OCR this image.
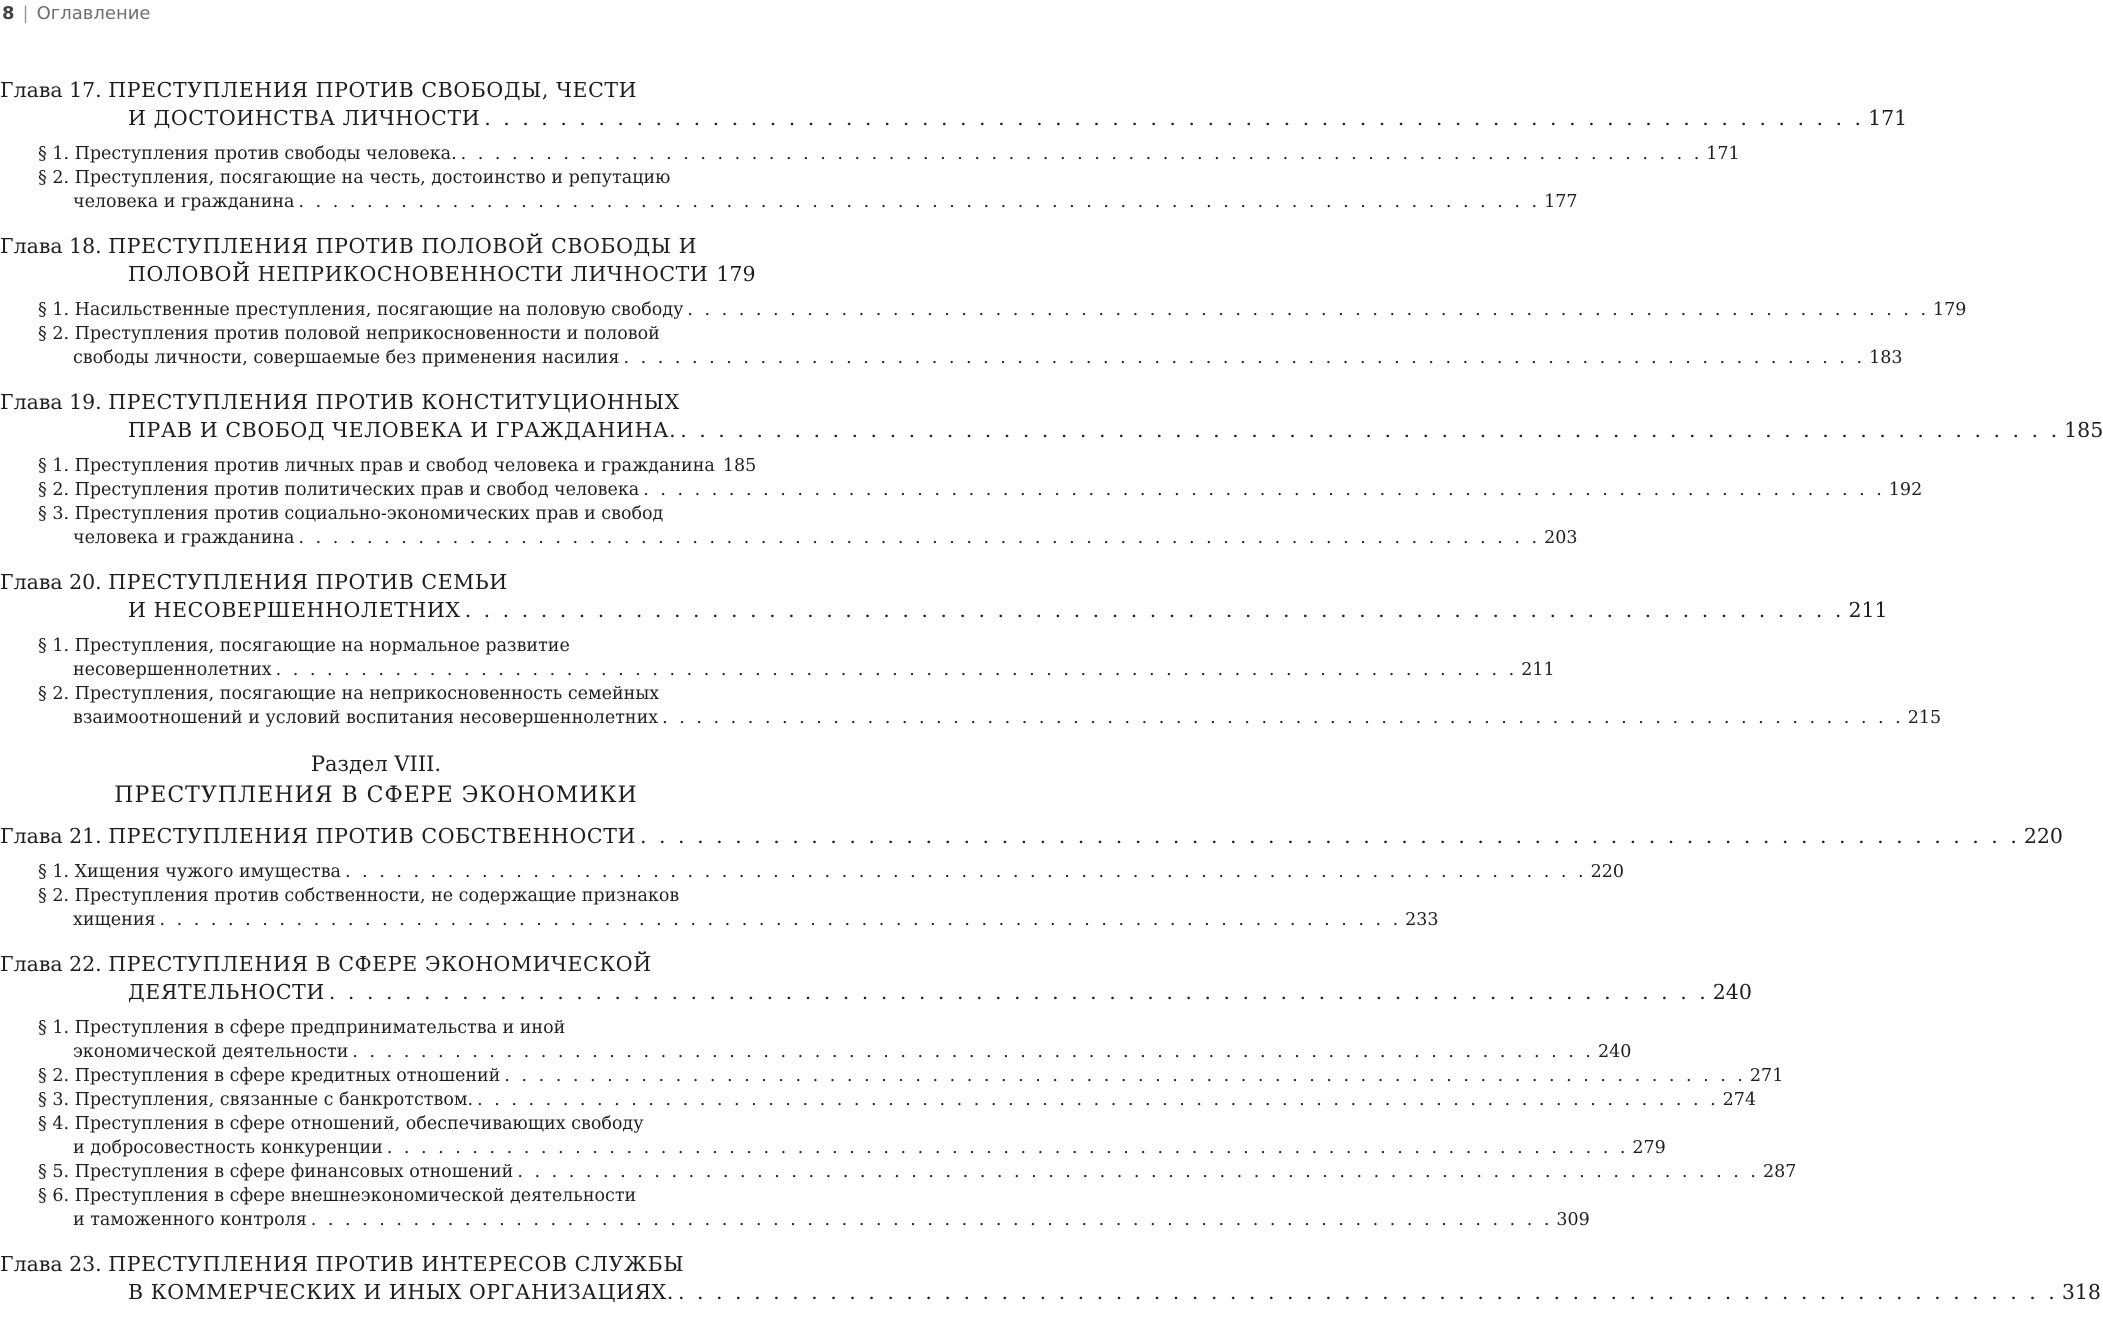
8 | Оглавление
Глава 17. ПРЕСТУПЛЕНИЯ ПРОТИВ СВОБОДЫ, ЧЕСТИ
И ДОСТОИНСТВА ЛИЧНОСТИ . . . . . . . . . . . . . . . . . . . . . . . . . . . . . . . . . . . . . . . . . . . . . . . . . . . . . . . . . . . . . . . . . . . . . . . . . 171
§ 1. Преступления против свободы человека. . . . . . . . . . . . . . . . . . . . . . . . . . . . . . . . . . . . . . . . . . . . . . . . . . . . . . . . . . . . . . . . . . . . . . . . . . 171
§ 2. Преступления, посягающие на честь, достоинство и репутацию
человека и гражданина . . . . . . . . . . . . . . . . . . . . . . . . . . . . . . . . . . . . . . . . . . . . . . . . . . . . . . . . . . . . . . . . . . . . . . . . . 177
Глава 18. ПРЕСТУПЛЕНИЯ ПРОТИВ ПОЛОВОЙ СВОБОДЫ И
ПОЛОВОЙ НЕПРИКОСНОВЕННОСТИ ЛИЧНОСТИ 179
§ 1. Насильственные преступления, посягающие на половую свободу . . . . . . . . . . . . . . . . . . . . . . . . . . . . . . . . . . . . . . . . . . . . . . . . . . . . . . . . . . . . . . . . . . . . . . . . . 179
§ 2. Преступления против половой неприкосновенности и половой
свободы личности, совершаемые без применения насилия . . . . . . . . . . . . . . . . . . . . . . . . . . . . . . . . . . . . . . . . . . . . . . . . . . . . . . . . . . . . . . . . . . . . . . . . . 183
Глава 19. ПРЕСТУПЛЕНИЯ ПРОТИВ КОНСТИТУЦИОННЫХ
ПРАВ И СВОБОД ЧЕЛОВЕКА И ГРАЖДАНИНА. . . . . . . . . . . . . . . . . . . . . . . . . . . . . . . . . . . . . . . . . . . . . . . . . . . . . . . . . . . . . . . . . . . . . . . . . . 185
§ 1. Преступления против личных прав и свобод человека и гражданина 185
§ 2. Преступления против политических прав и свобод человека . . . . . . . . . . . . . . . . . . . . . . . . . . . . . . . . . . . . . . . . . . . . . . . . . . . . . . . . . . . . . . . . . . . . . . . . . 192
§ 3. Преступления против социально-экономических прав и свобод
человека и гражданина . . . . . . . . . . . . . . . . . . . . . . . . . . . . . . . . . . . . . . . . . . . . . . . . . . . . . . . . . . . . . . . . . . . . . . . . . 203
Глава 20. ПРЕСТУПЛЕНИЯ ПРОТИВ СЕМЬИ
И НЕСОВЕРШЕННОЛЕТНИХ . . . . . . . . . . . . . . . . . . . . . . . . . . . . . . . . . . . . . . . . . . . . . . . . . . . . . . . . . . . . . . . . . . . . . . . . . 211
§ 1. Преступления, посягающие на нормальное развитие
несовершеннолетних . . . . . . . . . . . . . . . . . . . . . . . . . . . . . . . . . . . . . . . . . . . . . . . . . . . . . . . . . . . . . . . . . . . . . . . . . 211
§ 2. Преступления, посягающие на неприкосновенность семейных
взаимоотношений и условий воспитания несовершеннолетних . . . . . . . . . . . . . . . . . . . . . . . . . . . . . . . . . . . . . . . . . . . . . . . . . . . . . . . . . . . . . . . . . . . . . . . . . 215
Раздел VIII.
ПРЕСТУПЛЕНИЯ В СФЕРЕ ЭКОНОМИКИ
Глава 21. ПРЕСТУПЛЕНИЯ ПРОТИВ СОБСТВЕННОСТИ . . . . . . . . . . . . . . . . . . . . . . . . . . . . . . . . . . . . . . . . . . . . . . . . . . . . . . . . . . . . . . . . . . . . . . . . . 220
§ 1. Хищения чужого имущества . . . . . . . . . . . . . . . . . . . . . . . . . . . . . . . . . . . . . . . . . . . . . . . . . . . . . . . . . . . . . . . . . . . . . . . . . 220
§ 2. Преступления против собственности, не содержащие признаков
хищения . . . . . . . . . . . . . . . . . . . . . . . . . . . . . . . . . . . . . . . . . . . . . . . . . . . . . . . . . . . . . . . . . . . . . . . . . 233
Глава 22. ПРЕСТУПЛЕНИЯ В СФЕРЕ ЭКОНОМИЧЕСКОЙ
ДЕЯТЕЛЬНОСТИ . . . . . . . . . . . . . . . . . . . . . . . . . . . . . . . . . . . . . . . . . . . . . . . . . . . . . . . . . . . . . . . . . . . . . . . . . 240
§ 1. Преступления в сфере предпринимательства и иной
экономической деятельности . . . . . . . . . . . . . . . . . . . . . . . . . . . . . . . . . . . . . . . . . . . . . . . . . . . . . . . . . . . . . . . . . . . . . . . . . 240
§ 2. Преступления в сфере кредитных отношений . . . . . . . . . . . . . . . . . . . . . . . . . . . . . . . . . . . . . . . . . . . . . . . . . . . . . . . . . . . . . . . . . . . . . . . . . 271
§ 3. Преступления, связанные с банкротством. . . . . . . . . . . . . . . . . . . . . . . . . . . . . . . . . . . . . . . . . . . . . . . . . . . . . . . . . . . . . . . . . . . . . . . . . . 274
§ 4. Преступления в сфере отношений, обеспечивающих свободу
и добросовестность конкуренции . . . . . . . . . . . . . . . . . . . . . . . . . . . . . . . . . . . . . . . . . . . . . . . . . . . . . . . . . . . . . . . . . . . . . . . . . 279
§ 5. Преступления в сфере финансовых отношений . . . . . . . . . . . . . . . . . . . . . . . . . . . . . . . . . . . . . . . . . . . . . . . . . . . . . . . . . . . . . . . . . . . . . . . . . 287
§ 6. Преступления в сфере внешнеэкономической деятельности
и таможенного контроля . . . . . . . . . . . . . . . . . . . . . . . . . . . . . . . . . . . . . . . . . . . . . . . . . . . . . . . . . . . . . . . . . . . . . . . . . 309
Глава 23. ПРЕСТУПЛЕНИЯ ПРОТИВ ИНТЕРЕСОВ СЛУЖБЫ
В КОММЕРЧЕСКИХ И ИНЫХ ОРГАНИЗАЦИЯХ. . . . . . . . . . . . . . . . . . . . . . . . . . . . . . . . . . . . . . . . . . . . . . . . . . . . . . . . . . . . . . . . . . . . . . . . . . 318
